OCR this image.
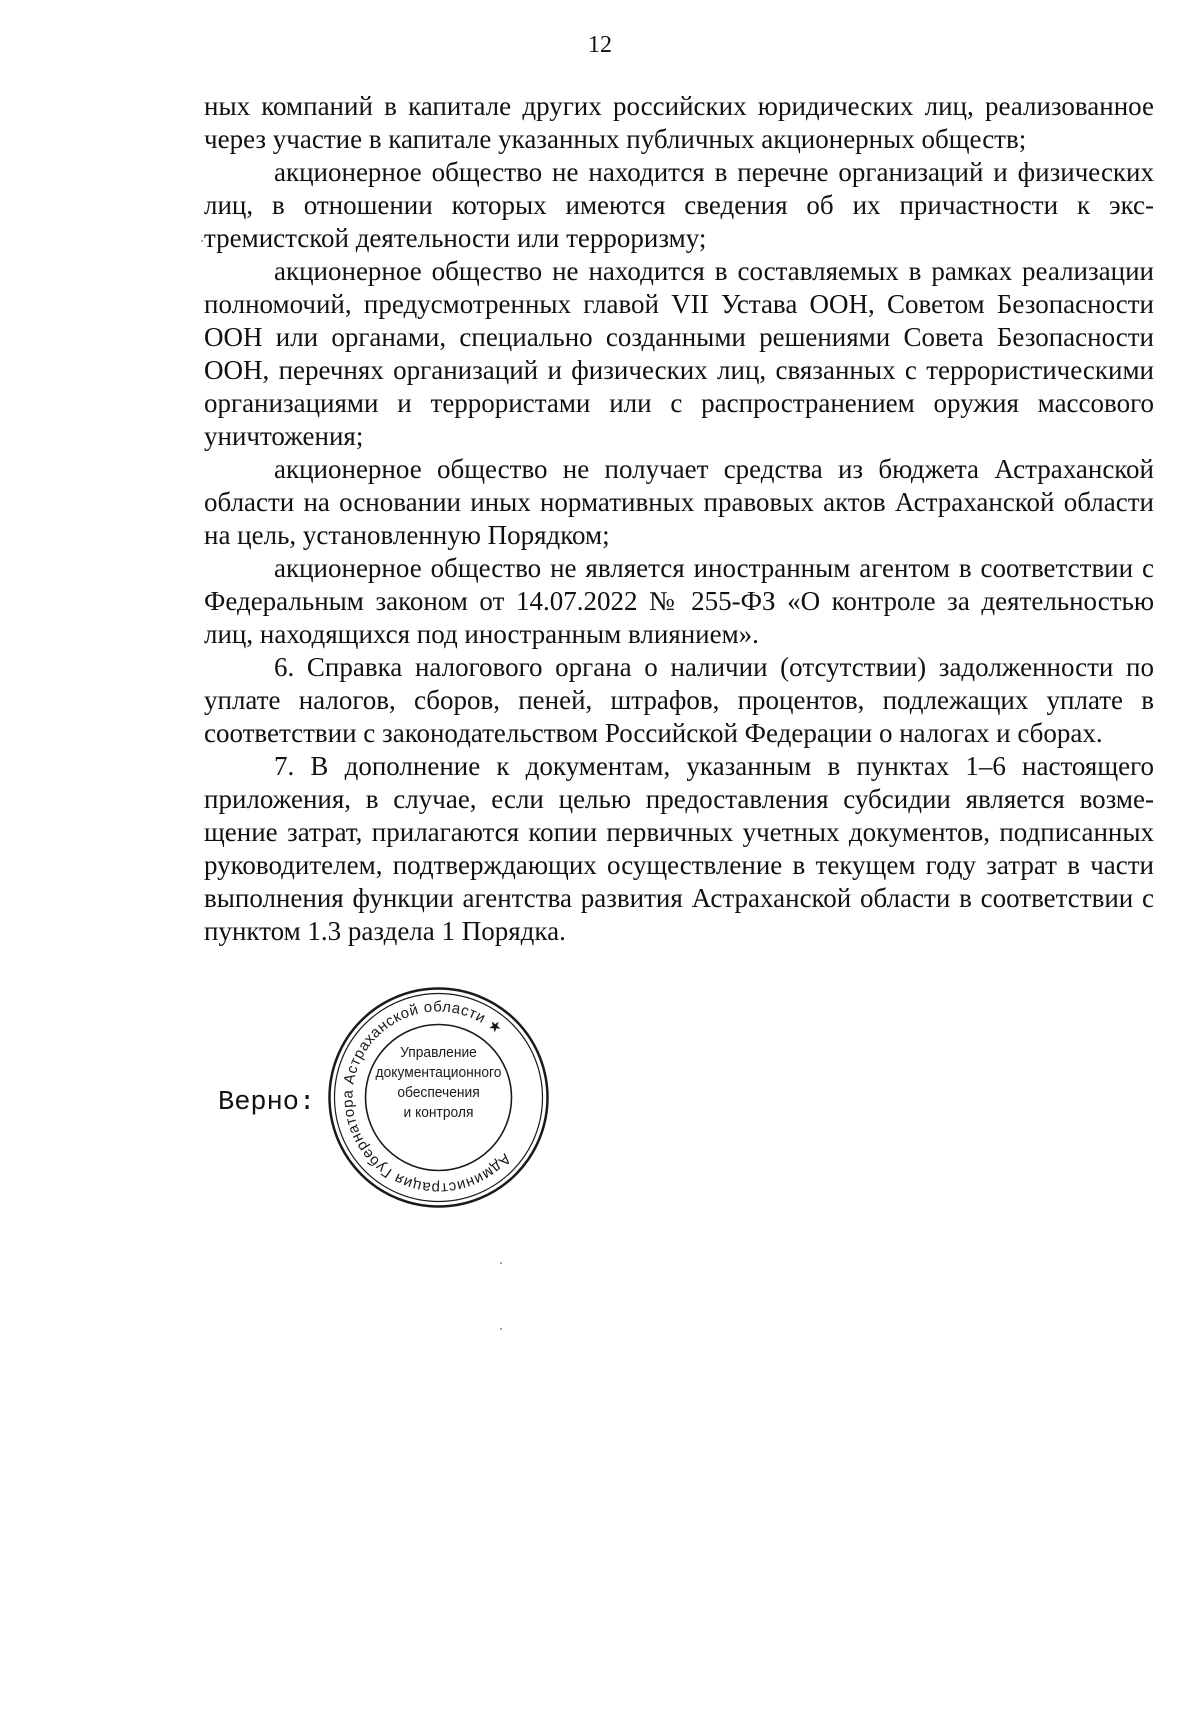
12

ных компаний в капитале других российских юридических лиц, реализованное через участие в капитале указанных публичных акционерных обществ;

акционерное общество не находится в перечне организаций и физических лиц, в отношении которых имеются сведения об их причастности к экстремистской деятельности или терроризму;

акционерное общество не находится в составляемых в рамках реализации полномочий, предусмотренных главой VII Устава ООН, Советом Безопасности ООН или органами, специально созданными решениями Совета Безопасности ООН, перечнях организаций и физических лиц, связанных с террористическими организациями и террористами или с распространением оружия массового уничтожения;

акционерное общество не получает средства из бюджета Астраханской области на основании иных нормативных правовых актов Астраханской области на цель, установленную Порядком;

акционерное общество не является иностранным агентом в соответствии с Федеральным законом от 14.07.2022 № 255-ФЗ «О контроле за деятельностью лиц, находящихся под иностранным влиянием».

6. Справка налогового органа о наличии (отсутствии) задолженности по уплате налогов, сборов, пеней, штрафов, процентов, подлежащих уплате в соответствии с законодательством Российской Федерации о налогах и сборах.

7. В дополнение к документам, указанным в пунктах 1–6 настоящего приложения, в случае, если целью предоставления субсидии является возмещение затрат, прилагаются копии первичных учетных документов, подписанных руководителем, подтверждающих осуществление в текущем году затрат в части выполнения функции агентства развития Астраханской области в соответствии с пунктом 1.3 раздела 1 Порядка.

Верно:
Администрация Губернатора Астраханской области ★
Управление
документационного
обеспечения
и контроля
